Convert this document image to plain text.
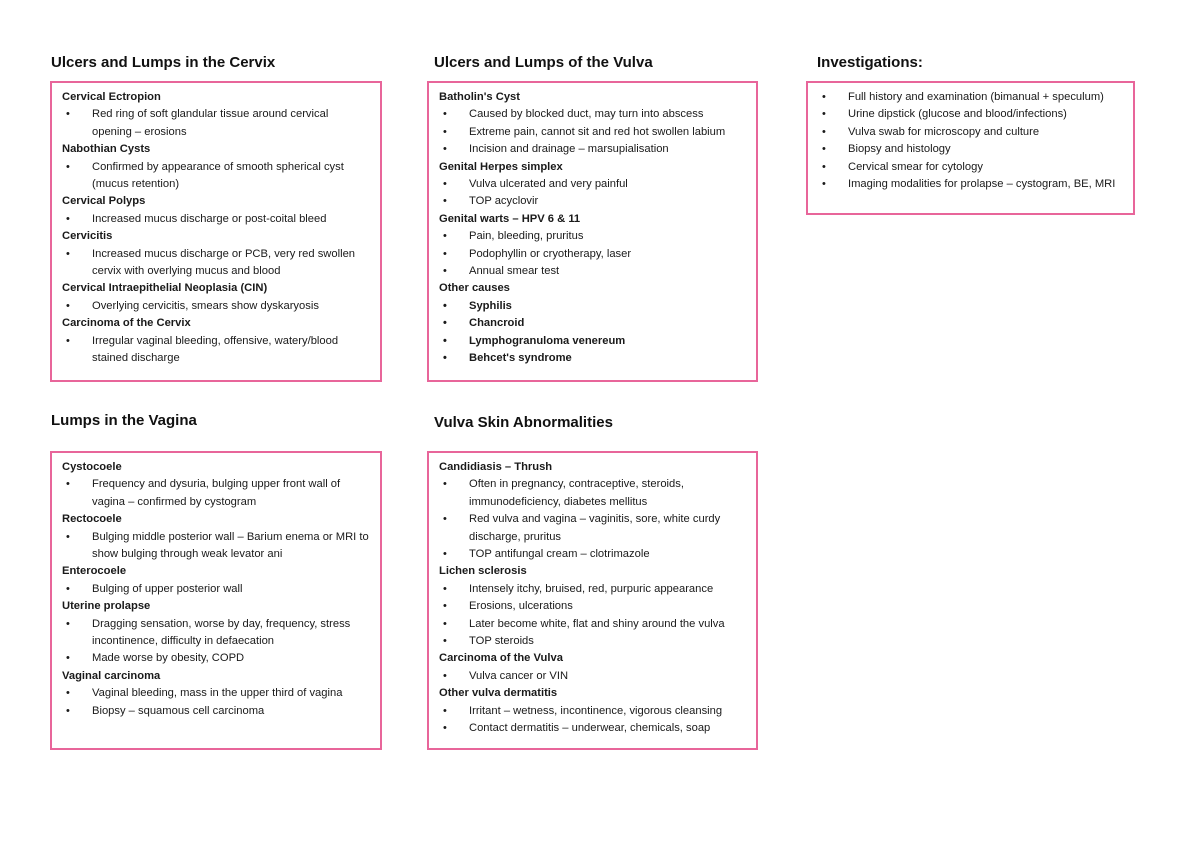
Ulcers and Lumps in the Cervix
Cervical Ectropion
• Red ring of soft glandular tissue around cervical opening – erosions
Nabothian Cysts
• Confirmed by appearance of smooth spherical cyst (mucus retention)
Cervical Polyps
• Increased mucus discharge or post-coital bleed
Cervicitis
• Increased mucus discharge or PCB, very red swollen cervix with overlying mucus and blood
Cervical Intraepithelial Neoplasia (CIN)
• Overlying cervicitis, smears show dyskaryosis
Carcinoma of the Cervix
• Irregular vaginal bleeding, offensive, watery/blood stained discharge
Ulcers and Lumps of the Vulva
Batholin's Cyst
• Caused by blocked duct, may turn into abscess
• Extreme pain, cannot sit and red hot swollen labium
• Incision and drainage – marsupialisation
Genital Herpes simplex
• Vulva ulcerated and very painful
• TOP acyclovir
Genital warts – HPV 6 & 11
• Pain, bleeding, pruritus
• Podophyllin or cryotherapy, laser
• Annual smear test
Other causes
• Syphilis
• Chancroid
• Lymphogranuloma venereum
• Behcet's syndrome
Investigations:
• Full history and examination (bimanual + speculum)
• Urine dipstick (glucose and blood/infections)
• Vulva swab for microscopy and culture
• Biopsy and histology
• Cervical smear for cytology
• Imaging modalities for prolapse – cystogram, BE, MRI
Lumps in the Vagina
Cystocoele
• Frequency and dysuria, bulging upper front wall of vagina – confirmed by cystogram
Rectocoele
• Bulging middle posterior wall – Barium enema or MRI to show bulging through weak levator ani
Enterocoele
• Bulging of upper posterior wall
Uterine prolapse
• Dragging sensation, worse by day, frequency, stress incontinence, difficulty in defaecation
• Made worse by obesity, COPD
Vaginal carcinoma
• Vaginal bleeding, mass in the upper third of vagina
• Biopsy – squamous cell carcinoma
Vulva Skin Abnormalities
Candidiasis – Thrush
• Often in pregnancy, contraceptive, steroids, immunodeficiency, diabetes mellitus
• Red vulva and vagina – vaginitis, sore, white curdy discharge, pruritus
• TOP antifungal cream – clotrimazole
Lichen sclerosis
• Intensely itchy, bruised, red, purpuric appearance
• Erosions, ulcerations
• Later become white, flat and shiny around the vulva
• TOP steroids
Carcinoma of the Vulva
• Vulva cancer or VIN
Other vulva dermatitis
• Irritant – wetness, incontinence, vigorous cleansing
• Contact dermatitis – underwear, chemicals, soap
